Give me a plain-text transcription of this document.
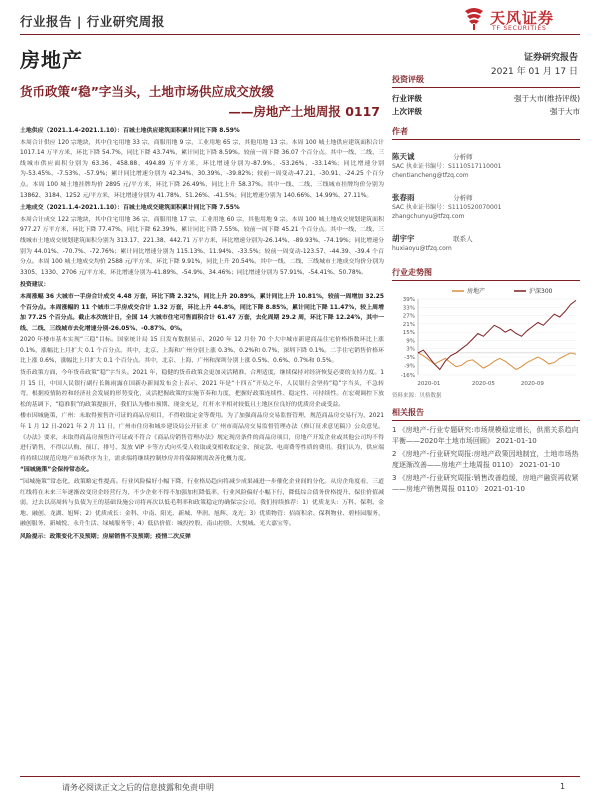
行业报告 | 行业研究周报	天风证券
TF SECURITIES
房地产	证券研究报告
2021 年 01 月 17 日
货币政策“稳”字当头，土地市场供应成交放缓
——房地产土地周报 0117

土地供应（2021.1.4-2021.1.10）：百城土地供应建筑面积累计同比下降 8.59%

本周合计供应 120 宗地块，其中住宅用地 33 宗，商服用地 9 宗，工业用地 65 宗，其他用地 13 宗。本周 100 城土地供应建筑面积合计 1017.14 万平方米，环比下降 54.7%，同比下降 43.74%，累计同比下降 8.59%。较前一周下降 36.07 个百分点。其中一线、二线、三线城市供应面积分别为 63.36、458.88、494.89 万平方米，环比增速分别为-87.9%、-53.26%、-33.14%；同比增速分别为-53.45%、-7.53%、-57.9%；累计同比增速分别为 42.34%、30.39%、-39.82%；较前一周变动-47.21、-30.91、-24.25 个百分点。本周 100 城土地挂牌均价 2895 元/平方米，环比下降 26.49%，同比上升 58.37%。其中一线、二线、三线城市挂牌均价分别为 13862、3184、1252 元/平方米，环比增速分别为 41.78%、51.26%、-41.5%；同比增速分别为 140.66%、14.99%、27.11%。

土地成交（2021.1.4-2021.1.10）：百城土地成交建筑面积累计同比下降 7.55%

本周合计成交 122 宗地块，其中住宅用地 36 宗，商服用地 17 宗，工业用地 60 宗，其他用地 9 宗。本周 100 城土地成交规划建筑面积 977.27 万平方米，环比下降 77.47%，同比下降 62.39%，累计同比下降 7.55%，较前一周下降 45.21 个百分点。其中一线、二线、三线城市土地成交规划建筑面积分别为 313.17、221.38、442.71 万平方米，环比增速分别为-26.14%、-89.93%、-74.19%；同比增速分别为 44.01%、-70.7%、-72.76%；累计同比增速分别为 115.13%、11.94%、-33.5%；较前一周变动-123.57、-44.39、-39.4 个百分点。本周 100 城土地成交均价 2588 元/平方米，环比下降 9.91%，同比上升 20.54%。其中一线、二线、三线城市土地成交均价分别为 3305、1330、2706 元/平方米，环比增速分别为-41.89%、-54.9%、34.46%；同比增速分别为 57.91%、-54.41%、50.78%。

投资建议：

本周涨幅 36 大城市一手房合计成交 4.48 万套，环比下降 2.32%，同比上升 20.89%，累计同比上升 10.81%，较前一周增加 32.25 个百分点。本周涨幅的 11 个城市二手房成交合计 1.32 万套，环比上升 44.8%，同比下降 8.85%，累计同比下降 11.47%，较上周增加 77.25 个百分点。截止本次统计日，全国 14 大城市住宅可售面积合计 61.47 万套，去化周期 29.2 周，环比下降 12.24%，其中一线、二线、三线城市去化增速分别-26.05%、-0.87%、0%。

2020 年楼市基本实现“三稳”目标。国家统计局 15 日发布数据显示，2020 年 12 月份 70 个大中城市新建商品住宅价格指数环比上涨 0.1%，涨幅比上月扩大 0.1 个百分点。其中，北京、上海和广州分别上涨 0.3%、0.2%和 0.7%，深圳下降 0.1%。二手住宅销售价格环比上涨 0.6%，涨幅比上月扩大 0.1 个百分点。其中，北京、上海、广州和深圳分别上涨 0.5%、0.6%、0.7%和 0.5%。

货币政策方面，今年货币政策“稳”字当头。2021 年，稳健的货币政策会更加灵活精准、合理适度，继续保持对经济恢复必要的支持力度。1 月 15 日，中国人民银行副行长陈雨露在国新办新闻发布会上表示，2021 年是“十四五”开局之年，人民银行会坚持“稳”字当头，不急转弯，根据疫情防控和经济社会发展的形势变化，灵活把握政策的实施节奏和力度，把握好政策连续性、稳定性、可持续性。在宏观调控下放松的基调下，“稳准狠”的政策提振开，我们认为楼市预期、现金充足，红杆水平相对较低且土地区位良好的优质房企或受益。

楼市因城施策，广州：未取得预售许可证的商品房项目，不得收取定金等费用。为了加强商品房交易监督管理，规范商品房交易行为，2021 年 1 月 12 日-2021 年 2 月 11 日，广州市住房和城乡建设局公开征求《广州市商品房交易监督管理办法（修订征求意见稿）》公众意见。《办法》要求，未取得商品房预售许可证或不符合《商品房销售管理办法》规定现房条件的商品房项目，房地产开发企业或其他公司均不得进行销售，不得以认购、预订、排号、发放 VIP 卡等方式向买受人收取或变相收取定金、预定款、电商费等性质的费用。我们认为，供应端将持续以规范房地产市场秩序为主，需求端将继续控制炒房并将保障刚需改善化概力度。

“园城施策”会保持常态化。

“园城施策”常态化，政策略定性提高。行业风险偏好小幅下降，行业格局趋向将减少成果减进一步催化企业间的分化。从房企角度看，三道红线将在未来三年逐渐改变房企经营行为，不少企业不得不加强加杠降低率，行业风险偏好小幅下行，降低综合债务价格提升、保住价值减弱，过去以高周转与负债为王的基础设施公司将再次以低毛利率和政策稳定的确保宗公司。我们持续推荐：1）优质龙头：万科、保利、金地、融创、龙湖、旭辉；2）优质成长：金科、中南、阳光、新城、华润、旭辉、龙光；3）优质物管：招商积余、保利物业、碧桂园服务、融创服务、新城悦、永升生活、绿城服务等；4）低估价值：城投控股、南山控股、大悦城、光大嘉宝等。

风险提示：政策变化不及预期；房屋销售不及预期；疫情二次反弹

投资评级
行业评级	强于大市(维持评级)
上次评级	强于大市
作者
陈天诚	分析师
SAC 执业证书编号：S1110517110001
chentiancheng@tfzq.com
张春雨	分析师
SAC 执业证书编号：S1110520070001
zhangchunyu@tfzq.com
胡宇宇	联系人
huxiaoyu@tfzq.com
行业走势图
39%
33%
27%
21%
15%
9%
3%
-3%
-9%
-16%
2020-01	2020-05	2020-09
房地产	沪深300
资料来源：贝格数据
相关报告
1 《房地产-行业专题研究:市场规模稳定增长，供需关系趋向平衡——2020年土地市场回顾》 2021-01-10
2 《房地产-行业研究周报:房地产政策因地制宜，土地市场热度逐渐改善——房地产土地周报 0110》 2021-01-10
3 《房地产-行业研究周报:销售改善趋缓，房地产融资再收紧——房地产销售周报 0110》 2021-01-10
请务必阅读正文之后的信息披露和免责申明	1
